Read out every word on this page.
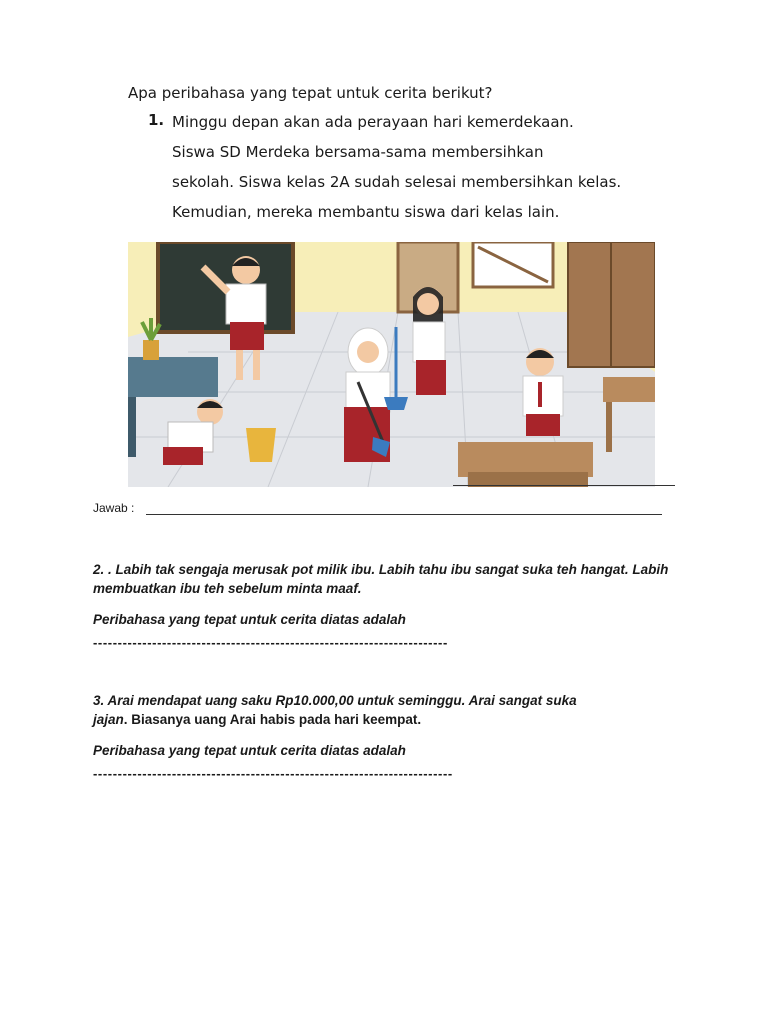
Apa peribahasa yang tepat untuk cerita berikut?
1. Minggu depan akan ada perayaan hari kemerdekaan.
Siswa SD Merdeka bersama-sama membersihkan
sekolah. Siswa kelas 2A sudah selesai membersihkan kelas.
Kemudian, mereka membantu siswa dari kelas lain.
Jawab :
2. . Labih tak sengaja merusak pot milik ibu. Labih tahu ibu sangat suka teh hangat. Labih membuatkan ibu teh sebelum minta maaf.
Peribahasa yang tepat untuk cerita diatas adalah
------------------------------------------------------------------------
3. Arai mendapat uang saku Rp10.000,00 untuk seminggu. Arai sangat suka
jajan. Biasanya uang Arai habis pada hari keempat.
Peribahasa yang tepat untuk cerita diatas adalah
-------------------------------------------------------------------------
